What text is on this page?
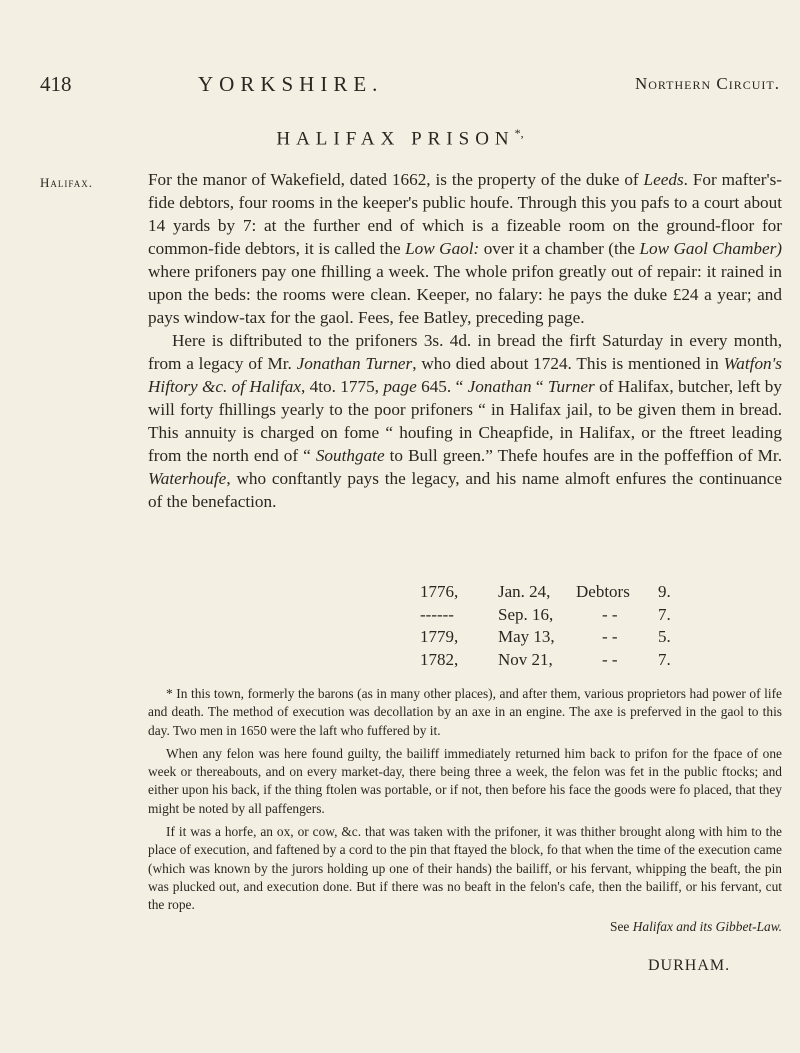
418	YORKSHIRE.	Northern Circuit.
HALIFAX PRISON*,
Halifax.	For the manor of Wakefield, dated 1662, is the property of the duke of Leeds. For mafter's-fide debtors, four rooms in the keeper's public houfe. Through this you pafs to a court about 14 yards by 7: at the further end of which is a fizeable room on the ground-floor for common-fide debtors, it is called the Low Gaol: over it a chamber (the Low Gaol Chamber) where prifoners pay one fhilling a week. The whole prifon greatly out of repair: it rained in upon the beds: the rooms were clean. Keeper, no falary: he pays the duke £24 a year; and pays window-tax for the gaol. Fees, fee Batley, preceding page.

Here is diftributed to the prifoners 3s. 4d. in bread the firft Saturday in every month, from a legacy of Mr. Jonathan Turner, who died about 1724. This is mentioned in Watfon's Hiftory &c. of Halifax, 4to. 1775, page 645. “ Jonathan “ Turner of Halifax, butcher, left by will forty fhillings yearly to the poor prifoners “ in Halifax jail, to be given them in bread. This annuity is charged on fome “ houfing in Cheapfide, in Halifax, or the ftreet leading from the north end of “ Southgate to Bull green.” Thefe houfes are in the poffeffion of Mr. Waterhoufe, who conftantly pays the legacy, and his name almoft enfures the continuance of the benefaction.

1776,	Jan. 24,	Debtors	9.
------	Sep. 16,	- -	7.
1779,	May 13,	- -	5.
1782,	Nov 21,	- -	7.

* In this town, formerly the barons (as in many other places), and after them, various proprietors had power of life and death. The method of execution was decollation by an axe in an engine. The axe is preferved in the gaol to this day. Two men in 1650 were the laft who fuffered by it.

When any felon was here found guilty, the bailiff immediately returned him back to prifon for the fpace of one week or thereabouts, and on every market-day, there being three a week, the felon was fet in the public ftocks; and either upon his back, if the thing ftolen was portable, or if not, then before his face the goods were fo placed, that they might be noted by all paffengers.

If it was a horfe, an ox, or cow, &c. that was taken with the prifoner, it was thither brought along with him to the place of execution, and faftened by a cord to the pin that ftayed the block, fo that when the time of the execution came (which was known by the jurors holding up one of their hands) the bailiff, or his fervant, whipping the beaft, the pin was plucked out, and execution done. But if there was no beaft in the felon's cafe, then the bailiff, or his fervant, cut the rope.

See Halifax and its Gibbet-Law.

DURHAM.
